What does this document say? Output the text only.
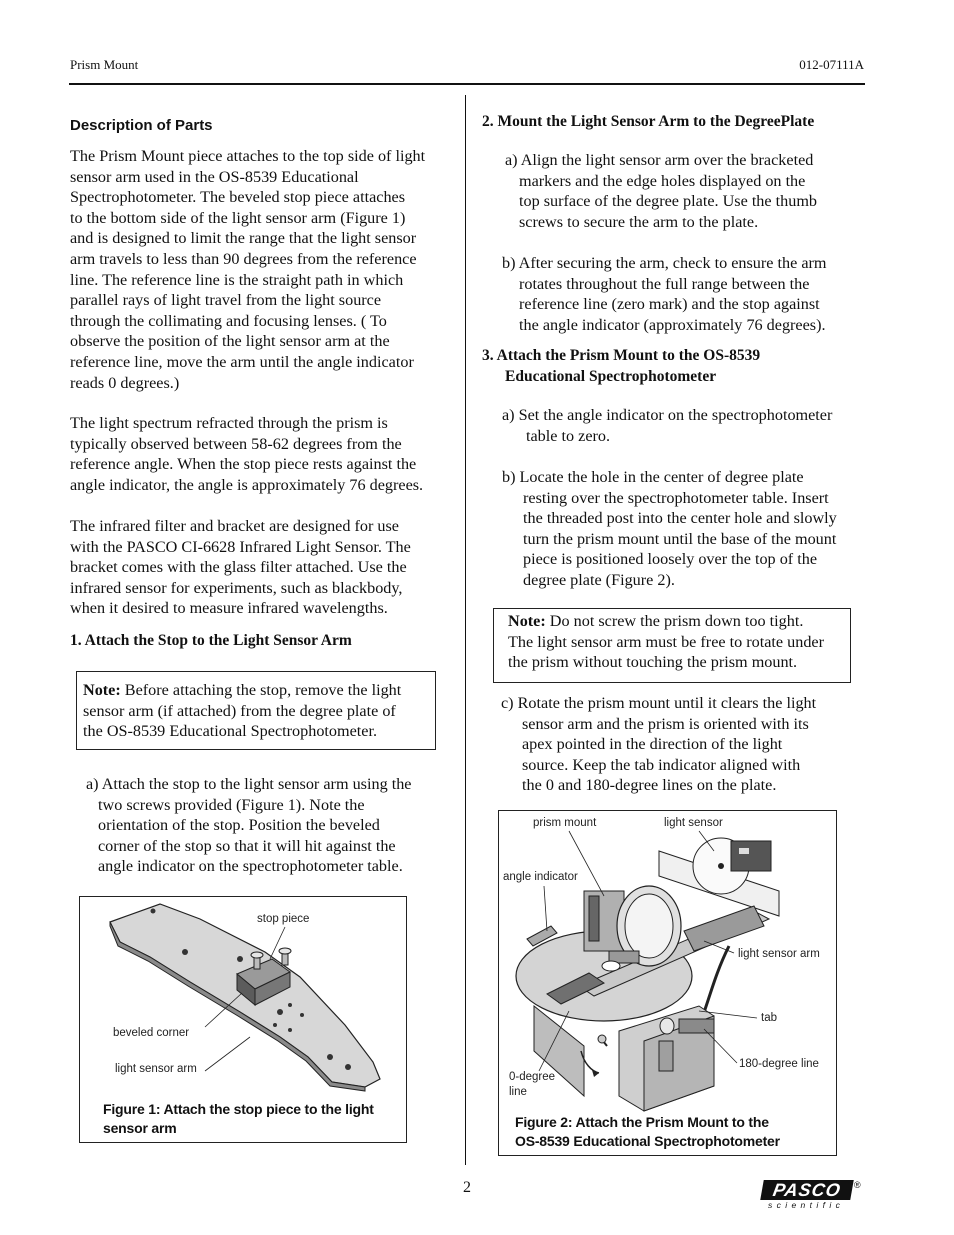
Prism Mount	012-07111A
Description of Parts
The Prism Mount piece attaches to the top side of light
sensor arm used in the OS-8539 Educational
Spectrophotometer. The beveled stop piece attaches
to the bottom side of the light sensor arm (Figure 1)
and is designed to limit the range that the light sensor
arm travels to less than 90 degrees from the reference
line. The reference line is the straight path in which
parallel rays of light travel from the light source
through the collimating and focusing lenses. ( To
observe the position of the light sensor arm at the
reference line, move the arm until the angle indicator
reads 0 degrees.)
The light spectrum refracted through the prism is
typically observed between 58-62 degrees from the
reference angle. When the stop piece rests against the
angle indicator, the angle is approximately 76 degrees.
The infrared filter and bracket are designed for use
with the PASCO CI-6628 Infrared Light Sensor. The
bracket comes with the glass filter attached. Use the
infrared sensor for experiments, such as blackbody,
when it desired to measure infrared wavelengths.
1. Attach the Stop to the Light Sensor Arm
Note: Before attaching the stop, remove the light
sensor arm (if attached) from the degree plate of
the OS-8539 Educational Spectrophotometer.
a) Attach the stop to the light sensor arm using the
two screws provided (Figure 1). Note the
orientation of the stop. Position the beveled
corner of the stop so that it will hit against the
angle indicator on the spectrophotometer table.
stop piece
beveled corner
light sensor arm
Figure 1: Attach the stop piece to the light
sensor arm
2. Mount the Light Sensor Arm to the DegreePlate
a) Align the light sensor arm over the bracketed
markers and the edge holes displayed on the
top surface of the degree plate. Use the thumb
screws to secure the arm to the plate.
b) After securing the arm, check to ensure the arm
rotates throughout the full range between the
reference line (zero mark) and the stop against
the angle indicator (approximately 76 degrees).
3. Attach the Prism Mount to the OS-8539
Educational Spectrophotometer
a) Set the angle indicator on the spectrophotometer
table to zero.
b) Locate the hole in the center of degree plate
resting over the spectrophotometer table. Insert
the threaded post into the center hole and slowly
turn the prism mount until the base of the mount
piece is positioned loosely over the top of the
degree plate (Figure 2).
Note: Do not screw the prism down too tight.
The light sensor arm must be free to rotate under
the prism without touching the prism mount.
c) Rotate the prism mount until it clears the light
sensor arm and the prism is oriented with its
apex pointed in the direction of the light
source. Keep the tab indicator aligned with
the 0 and 180-degree lines on the plate.
prism mount	light sensor
angle indicator
light sensor arm
tab
180-degree line
0-degree
line
Figure 2: Attach the Prism Mount to the
OS-8539 Educational Spectrophotometer
2	PASCO	®
s c i e n t i f i c
